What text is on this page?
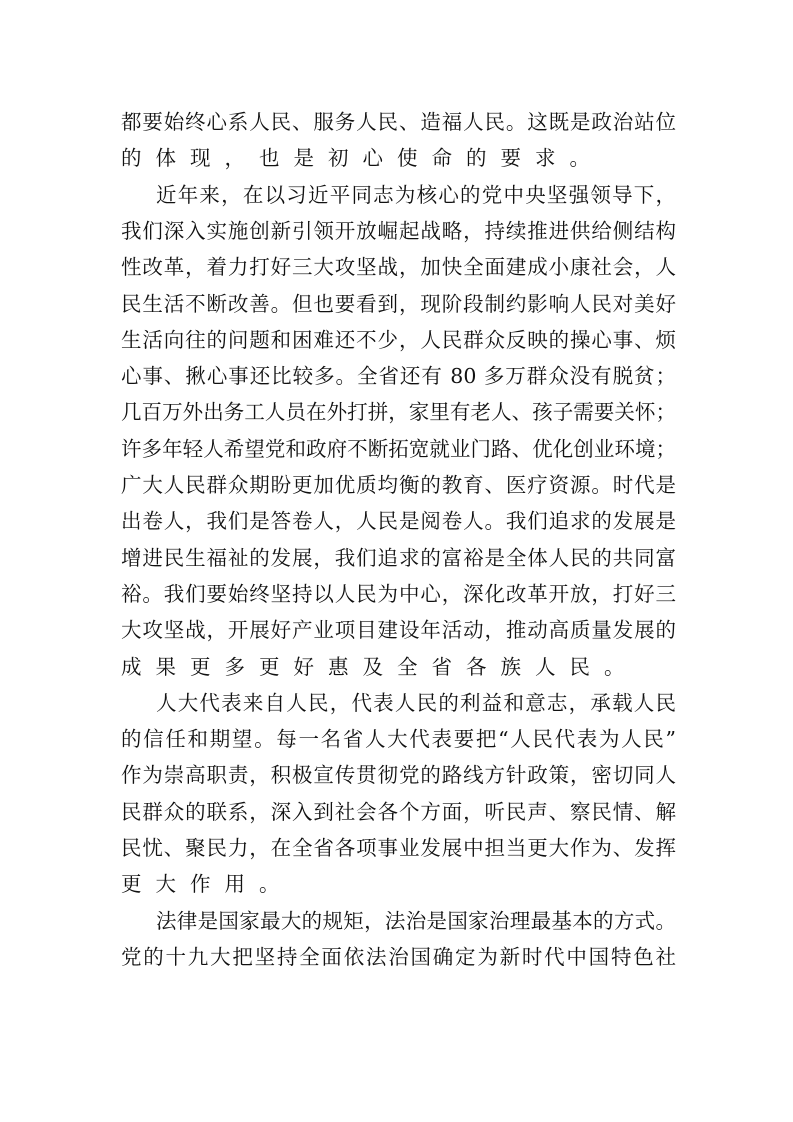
都要始终心系人民、服务人民、造福人民。这既是政治站位
的体现，也是初心使命的要求。
近年来，在以习近平同志为核心的党中央坚强领导下，
我们深入实施创新引领开放崛起战略，持续推进供给侧结构
性改革，着力打好三大攻坚战，加快全面建成小康社会，人
民生活不断改善。但也要看到，现阶段制约影响人民对美好
生活向往的问题和困难还不少，人民群众反映的操心事、烦
心事、揪心事还比较多。全省还有 80 多万群众没有脱贫；
几百万外出务工人员在外打拼，家里有老人、孩子需要关怀；
许多年轻人希望党和政府不断拓宽就业门路、优化创业环境；
广大人民群众期盼更加优质均衡的教育、医疗资源。时代是
出卷人，我们是答卷人，人民是阅卷人。我们追求的发展是
增进民生福祉的发展，我们追求的富裕是全体人民的共同富
裕。我们要始终坚持以人民为中心，深化改革开放，打好三
大攻坚战，开展好产业项目建设年活动，推动高质量发展的
成果更多更好惠及全省各族人民。
人大代表来自人民，代表人民的利益和意志，承载人民
的信任和期望。每一名省人大代表要把“人民代表为人民”
作为崇高职责，积极宣传贯彻党的路线方针政策，密切同人
民群众的联系，深入到社会各个方面，听民声、察民情、解
民忧、聚民力，在全省各项事业发展中担当更大作为、发挥
更大作用。
法律是国家最大的规矩，法治是国家治理最基本的方式。
党的十九大把坚持全面依法治国确定为新时代中国特色社
